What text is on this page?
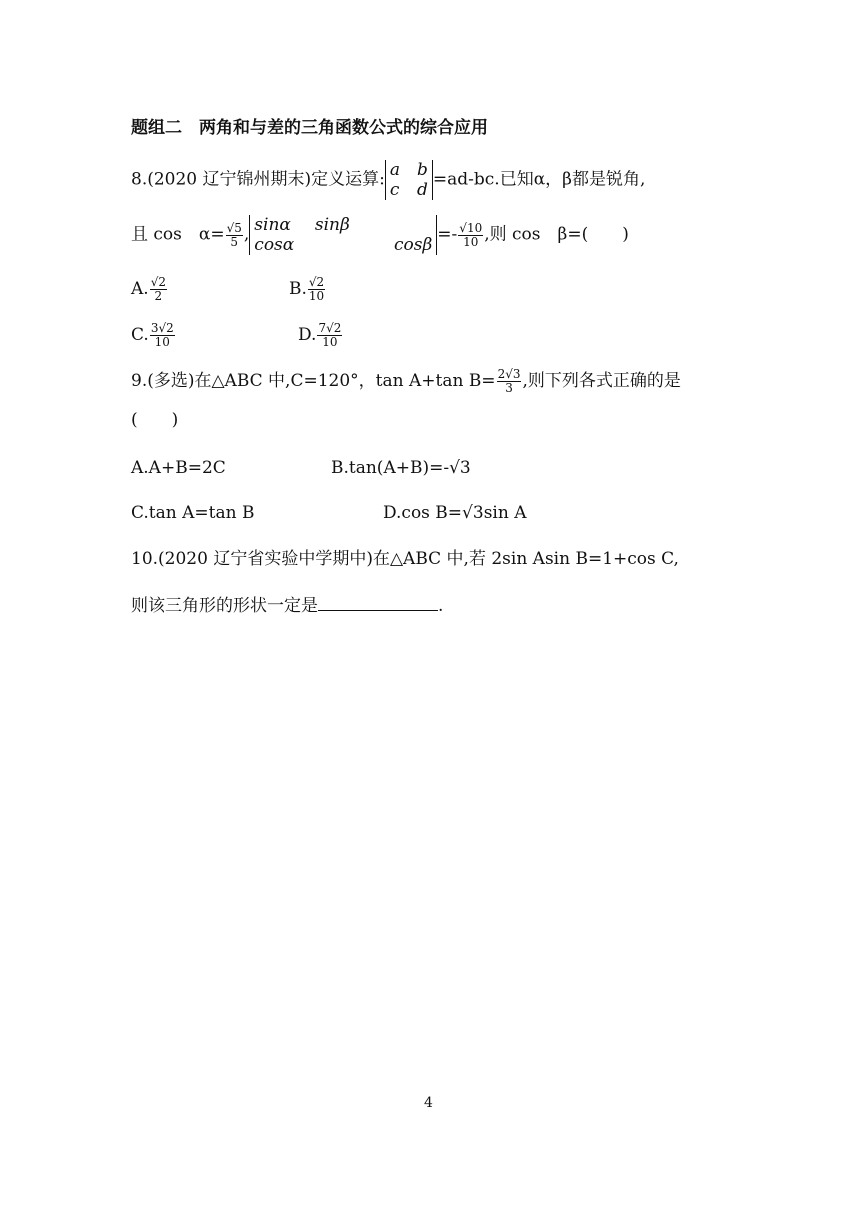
题组二　两角和与差的三角函数公式的综合应用
8.(2020 辽宁锦州期末)定义运算: a b
c d
=ad-bc.已知α，β都是锐角,
且 cos　$\alpha= \frac{√5}{5}$ , sinα	sinβ
cosα	cosβ
=- $\frac{√10}{10}$ ,则 cos　β=(　　)
A. $\frac{√2}{2}$	B. $\frac{√2}{10}$
C. $\frac{3√2}{10}$	D. $\frac{7√2}{10}$
9.(多选)在△ABC 中,C=120°，tan A+tan $B= \frac{2√3}{3}$ ,则下列各式正确的是
(　　)
A.A+B=2C	B.tan(A+B)=-√3
C.tan A=tan B	D.cos B=√3sin A
10.(2020 辽宁省实验中学期中)在△ABC 中,若 2sin Asin B=1+cos C,
则该三角形的形状一定是	.
4
